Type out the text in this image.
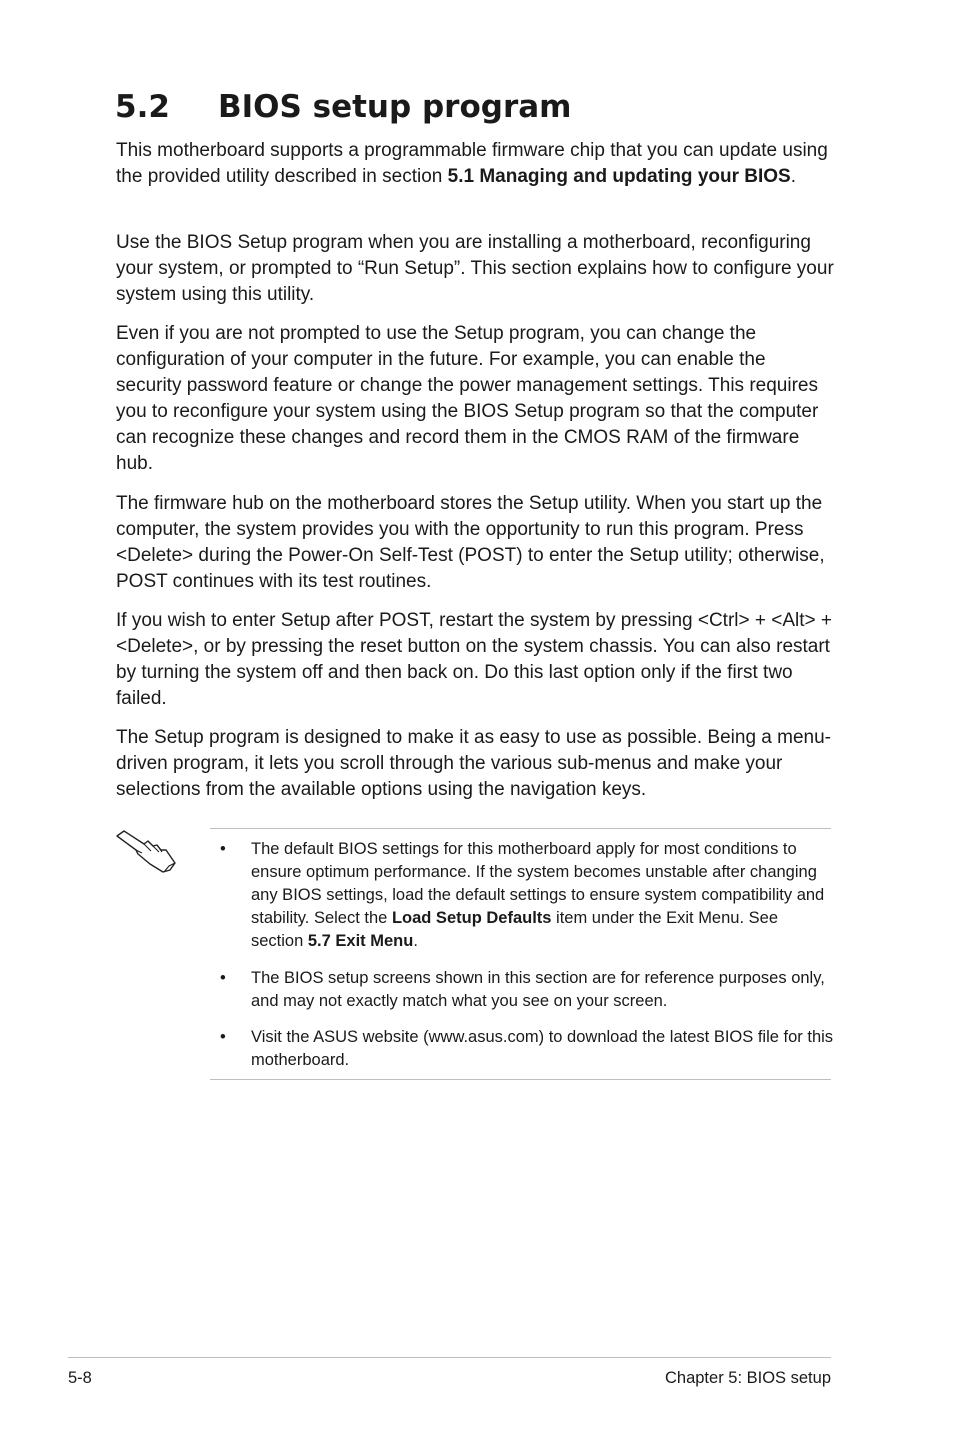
5.2 BIOS setup program

This motherboard supports a programmable firmware chip that you can update using the provided utility described in section 5.1 Managing and updating your BIOS.

Use the BIOS Setup program when you are installing a motherboard, reconfiguring your system, or prompted to “Run Setup”. This section explains how to configure your system using this utility.

Even if you are not prompted to use the Setup program, you can change the configuration of your computer in the future. For example, you can enable the security password feature or change the power management settings. This requires you to reconfigure your system using the BIOS Setup program so that the computer can recognize these changes and record them in the CMOS RAM of the firmware hub.

The firmware hub on the motherboard stores the Setup utility. When you start up the computer, the system provides you with the opportunity to run this program. Press <Delete> during the Power-On Self-Test (POST) to enter the Setup utility; otherwise, POST continues with its test routines.

If you wish to enter Setup after POST, restart the system by pressing <Ctrl> + <Alt> + <Delete>, or by pressing the reset button on the system chassis. You can also restart by turning the system off and then back on. Do this last option only if the first two failed.

The Setup program is designed to make it as easy to use as possible. Being a menu-driven program, it lets you scroll through the various sub-menus and make your selections from the available options using the navigation keys.

• The default BIOS settings for this motherboard apply for most conditions to ensure optimum performance. If the system becomes unstable after changing any BIOS settings, load the default settings to ensure system compatibility and stability. Select the Load Setup Defaults item under the Exit Menu. See section 5.7 Exit Menu.
• The BIOS setup screens shown in this section are for reference purposes only, and may not exactly match what you see on your screen.
• Visit the ASUS website (www.asus.com) to download the latest BIOS file for this motherboard.
5-8	Chapter 5: BIOS setup
